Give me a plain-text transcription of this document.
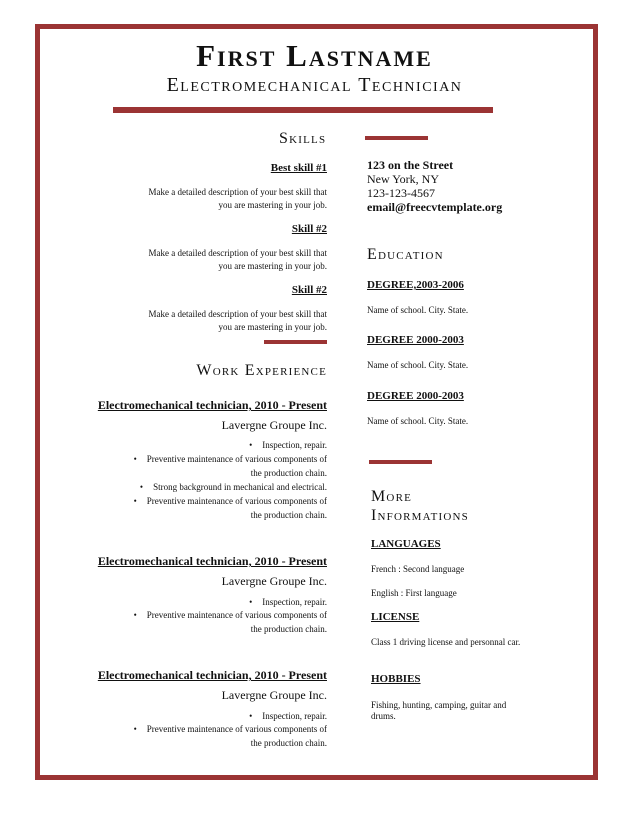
First Lastname
Electromechanical Technician
Skills
Best skill #1
Make a detailed description of your best skill that
you are mastering in your job.
Skill #2
Make a detailed description of your best skill that
you are mastering in your job.
Skill #2
Make a detailed description of your best skill that
you are mastering in your job.
Work Experience
Electromechanical technician, 2010 - Present
Lavergne Groupe Inc.
• Inspection, repair.
• Preventive maintenance of various components of
the production chain.
• Strong background in mechanical and electrical.
• Preventive maintenance of various components of
the production chain.
Electromechanical technician, 2010 - Present
Lavergne Groupe Inc.
• Inspection, repair.
• Preventive maintenance of various components of
the production chain.
Electromechanical technician, 2010 - Present
Lavergne Groupe Inc.
• Inspection, repair.
• Preventive maintenance of various components of
the production chain.
123 on the Street
New York, NY
123-123-4567
email@freecvtemplate.org
Education
DEGREE,2003-2006
Name of school. City. State.
DEGREE 2000-2003
Name of school. City. State.
DEGREE 2000-2003
Name of school. City. State.
More
Informations
LANGUAGES
French : Second language
English : First language
LICENSE
Class 1 driving license and personnal car.
HOBBIES
Fishing, hunting, camping, guitar and drums.
